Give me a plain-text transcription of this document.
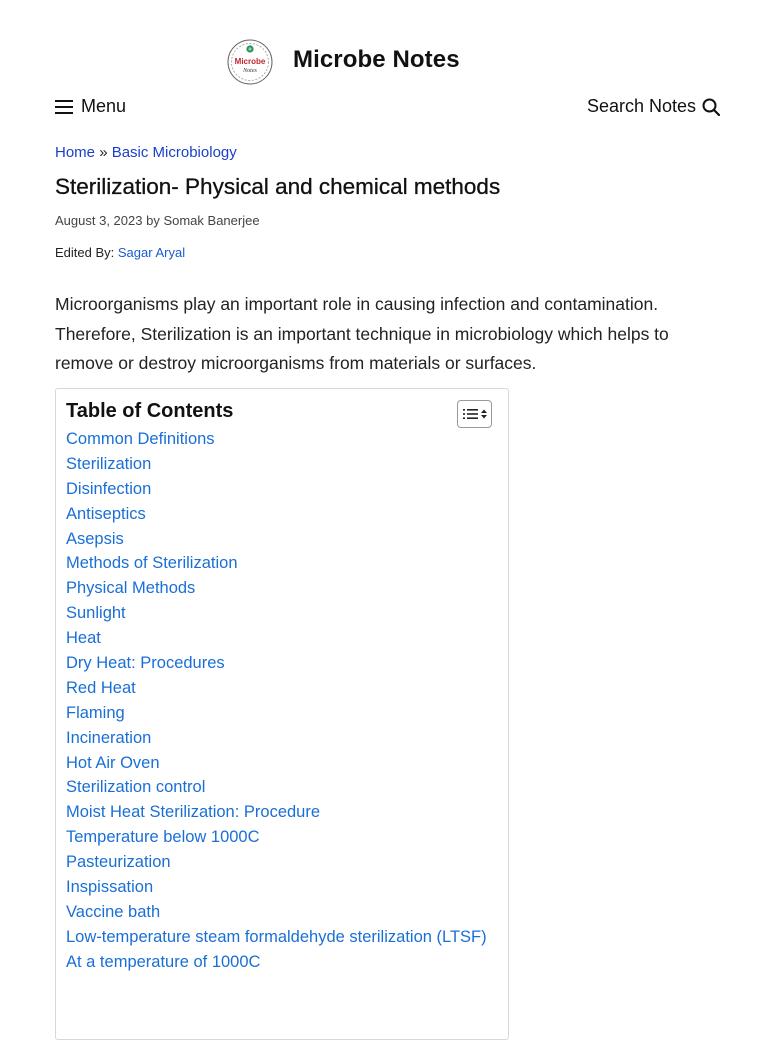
Microbe
Notes Microbe Notes
Menu	Search Notes
Home » Basic Microbiology
Sterilization- Physical and chemical methods
August 3, 2023 by Somak Banerjee
Edited By: Sagar Aryal

Microorganisms play an important role in causing infection and contamination. Therefore, Sterilization is an important technique in microbiology which helps to remove or destroy microorganisms from materials or surfaces.

Table of Contents
Common Definitions
Sterilization
Disinfection
Antiseptics
Asepsis
Methods of Sterilization
Physical Methods
Sunlight
Heat
Dry Heat: Procedures
Red Heat
Flaming
Incineration
Hot Air Oven
Sterilization control
Moist Heat Sterilization: Procedure
Temperature below 1000C
Pasteurization
Inspissation
Vaccine bath
Low-temperature steam formaldehyde sterilization (LTSF)
At a temperature of 1000C
